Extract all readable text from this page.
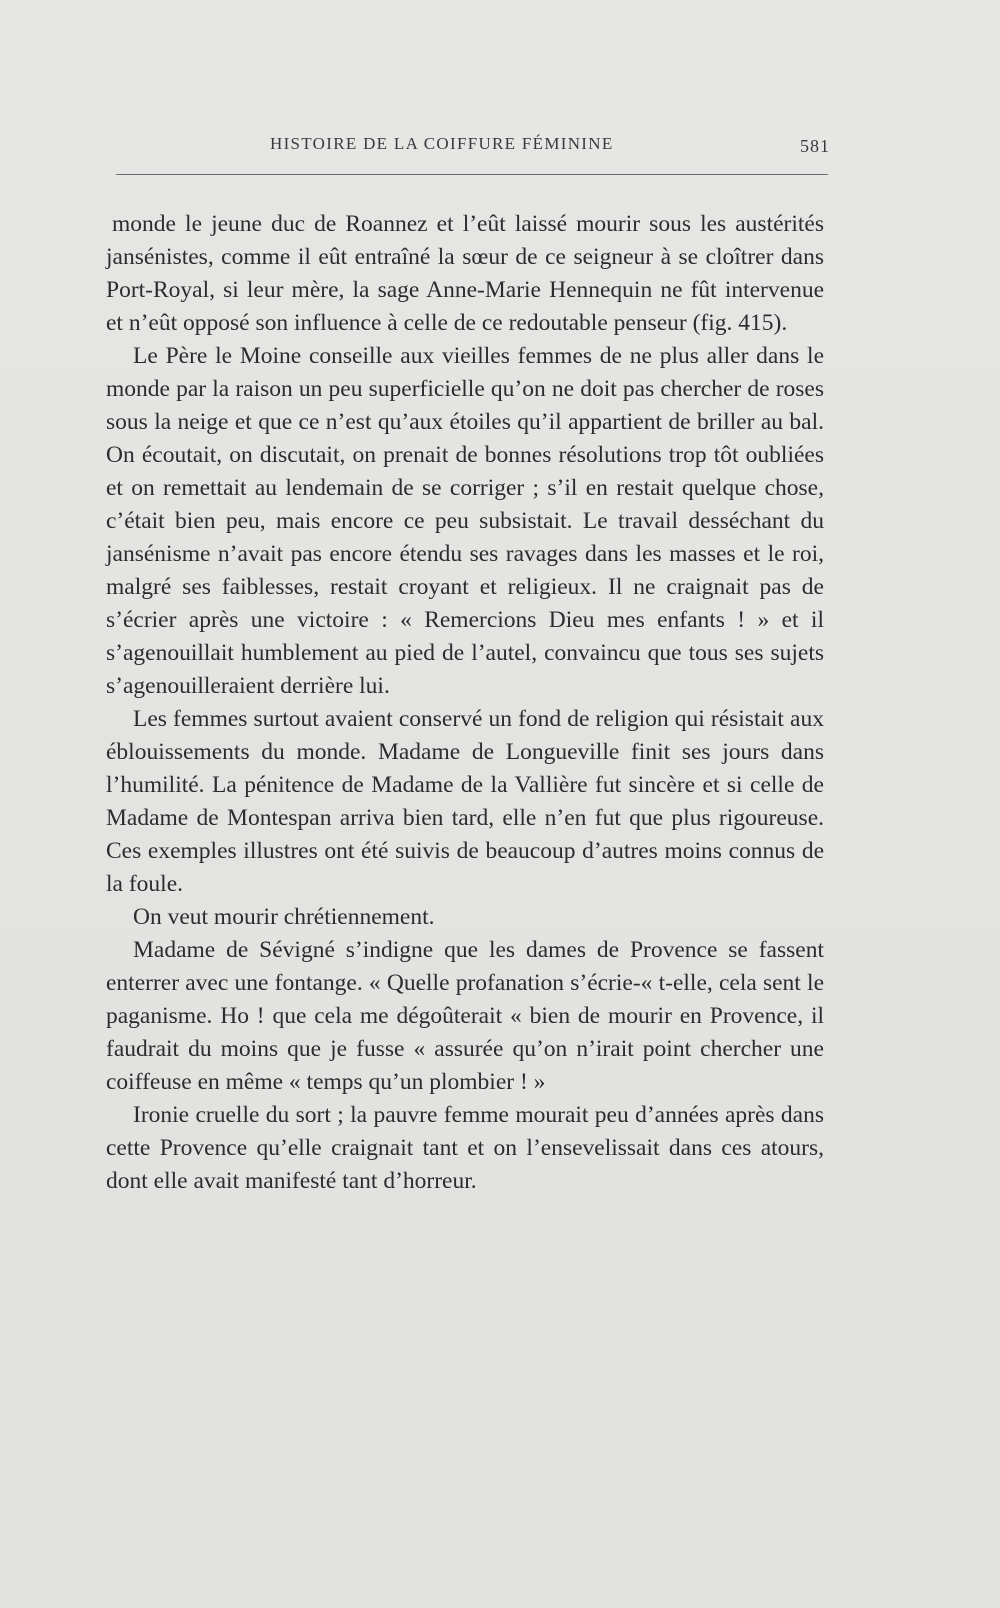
HISTOIRE DE LA COIFFURE FÉMININE	581

monde le jeune duc de Roannez et l’eût laissé mourir sous les austérités jansénistes, comme il eût entraîné la sœur de ce seigneur à se cloîtrer dans Port-Royal, si leur mère, la sage Anne-Marie Hennequin ne fût intervenue et n’eût opposé son influence à celle de ce redoutable penseur (fig. 415).

Le Père le Moine conseille aux vieilles femmes de ne plus aller dans le monde par la raison un peu superficielle qu’on ne doit pas chercher de roses sous la neige et que ce n’est qu’aux étoiles qu’il appartient de briller au bal. On écoutait, on discutait, on prenait de bonnes résolutions trop tôt oubliées et on remettait au lendemain de se corriger ; s’il en restait quelque chose, c’était bien peu, mais encore ce peu subsistait. Le travail desséchant du jansénisme n’avait pas encore étendu ses ravages dans les masses et le roi, malgré ses faiblesses, restait croyant et religieux. Il ne craignait pas de s’écrier après une victoire : « Remercions Dieu mes enfants ! » et il s’agenouillait humblement au pied de l’autel, convaincu que tous ses sujets s’agenouilleraient derrière lui.

Les femmes surtout avaient conservé un fond de religion qui résistait aux éblouissements du monde. Madame de Longueville finit ses jours dans l’humilité. La pénitence de Madame de la Vallière fut sincère et si celle de Madame de Montespan arriva bien tard, elle n’en fut que plus rigoureuse. Ces exemples illustres ont été suivis de beaucoup d’autres moins connus de la foule.

On veut mourir chrétiennement.

Madame de Sévigné s’indigne que les dames de Provence se fassent enterrer avec une fontange. « Quelle profanation s’écrie-« t-elle, cela sent le paganisme. Ho ! que cela me dégoûterait « bien de mourir en Provence, il faudrait du moins que je fusse « assurée qu’on n’irait point chercher une coiffeuse en même « temps qu’un plombier ! »

Ironie cruelle du sort ; la pauvre femme mourait peu d’années après dans cette Provence qu’elle craignait tant et on l’ensevelissait dans ces atours, dont elle avait manifesté tant d’horreur.
